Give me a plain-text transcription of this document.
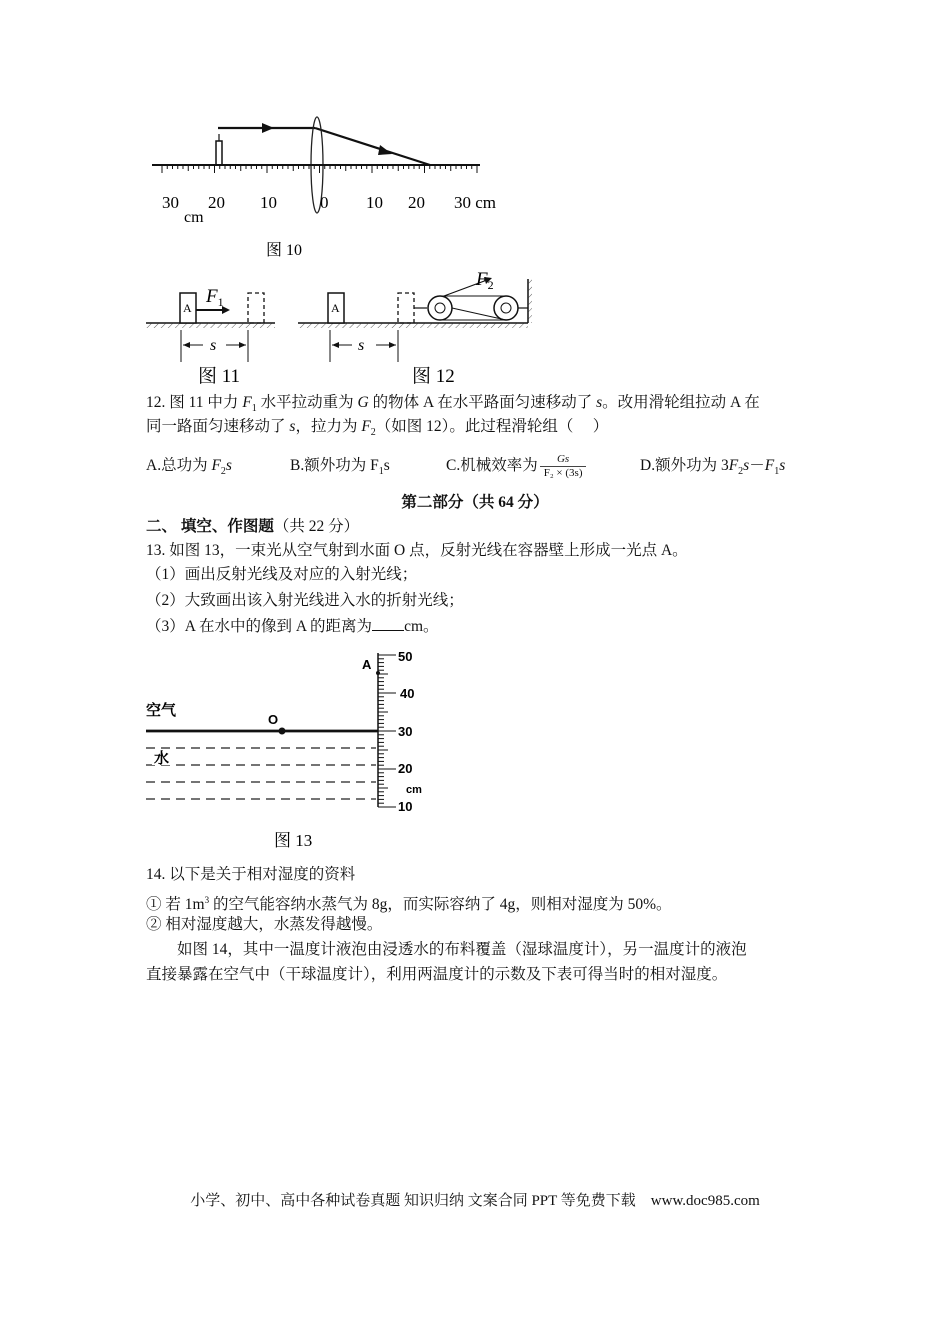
30 20 10	0 10 20 30 cm
cm
图 10
A
$F_1$
s
图 11
A
$F_2$
s
图 12
12. 图 11 中力 $F_1$ 水平拉动重为 G 的物体 A 在水平路面匀速移动了 s。改用滑轮组拉动 A 在
同一路面匀速移动了 s，拉力为 $F_2$（如图 12）。此过程滑轮组（　 ）
A.总功为 $F_2s$	B.额外功为 $F_1s$	C.机械效率为 $\frac{Gs}{\text{F₂ × (3s)}}$	D.额外功为 $3F_2s-F_1s$
第二部分（共 64 分）
二、 填空、作图题（共 22 分）
13. 如图 13，一束光从空气射到水面 O 点，反射光线在容器壁上形成一光点 A。
（1）画出反射光线及对应的入射光线；
（2）大致画出该入射光线进入水的折射光线；
（3）A 在水中的像到 A 的距离为 cm。
50
40
30
20
cm
10
A
O
空气
水
图 13
14. 以下是关于相对湿度的资料
① 若 $1m^3$ 的空气能容纳水蒸气为 8g，而实际容纳了 4g，则相对湿度为 50%。
② 相对湿度越大，水蒸发得越慢。
如图 14，其中一温度计液泡由浸透水的布料覆盖（湿球温度计），另一温度计的液泡
直接暴露在空气中（干球温度计），利用两温度计的示数及下表可得当时的相对湿度。
小学、初中、高中各种试卷真题 知识归纳 文案合同 PPT 等免费下载　www.doc985.com
